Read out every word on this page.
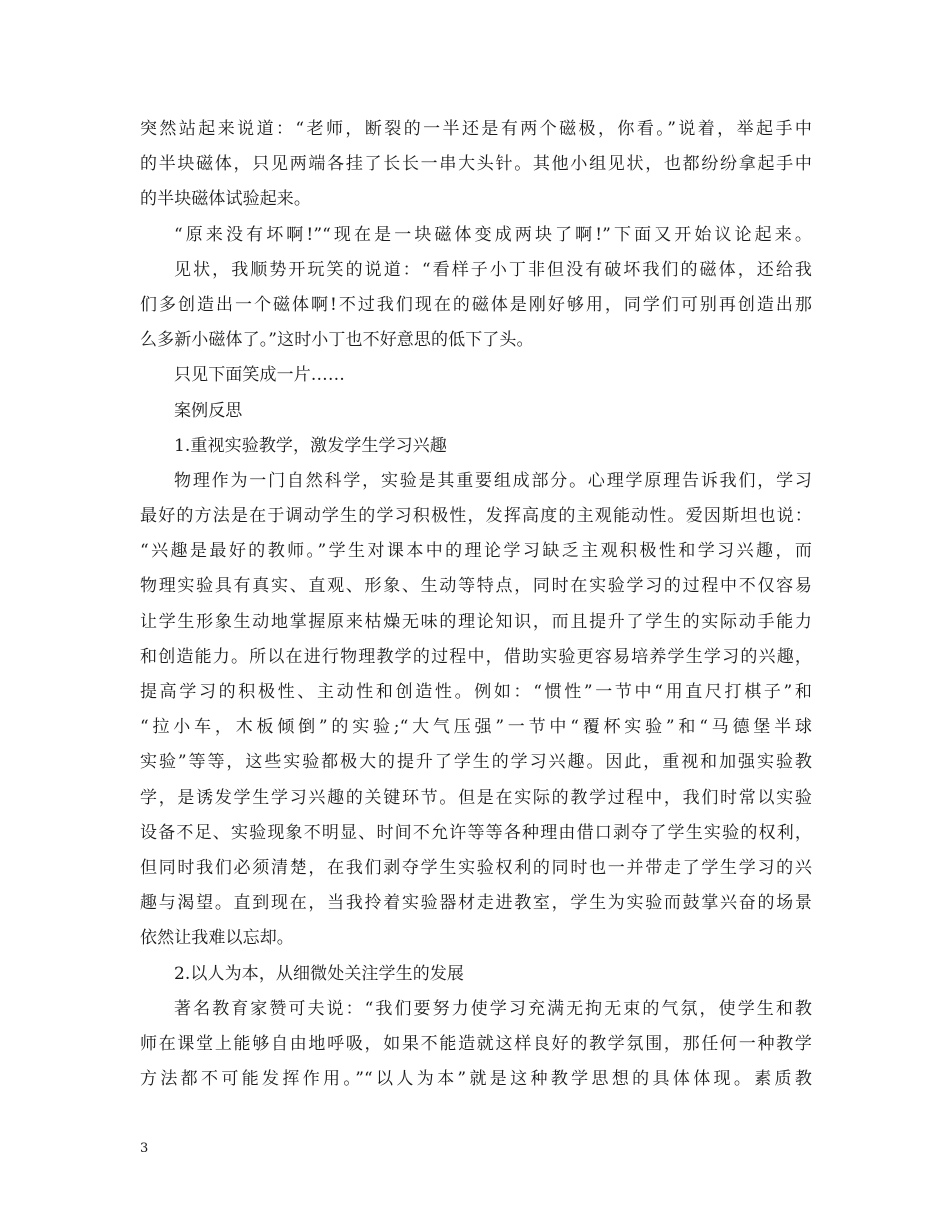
突然站起来说道：“老师，断裂的一半还是有两个磁极，你看。”说着，举起手中
的半块磁体，只见两端各挂了长长一串大头针。其他小组见状，也都纷纷拿起手中
的半块磁体试验起来。
“原来没有坏啊!”“现在是一块磁体变成两块了啊!”下面又开始议论起来。
见状，我顺势开玩笑的说道：“看样子小丁非但没有破坏我们的磁体，还给我
们多创造出一个磁体啊!不过我们现在的磁体是刚好够用，同学们可别再创造出那
么多新小磁体了。”这时小丁也不好意思的低下了头。
只见下面笑成一片……
案例反思
1.重视实验教学，激发学生学习兴趣
物理作为一门自然科学，实验是其重要组成部分。心理学原理告诉我们，学习
最好的方法是在于调动学生的学习积极性，发挥高度的主观能动性。爱因斯坦也说：
“兴趣是最好的教师。”学生对课本中的理论学习缺乏主观积极性和学习兴趣，而
物理实验具有真实、直观、形象、生动等特点，同时在实验学习的过程中不仅容易
让学生形象生动地掌握原来枯燥无味的理论知识，而且提升了学生的实际动手能力
和创造能力。所以在进行物理教学的过程中，借助实验更容易培养学生学习的兴趣，
提高学习的积极性、主动性和创造性。例如：“惯性”一节中“用直尺打棋子”和
“拉小车，木板倾倒”的实验;“大气压强”一节中“覆杯实验”和“马德堡半球
实验”等等，这些实验都极大的提升了学生的学习兴趣。因此，重视和加强实验教
学，是诱发学生学习兴趣的关键环节。但是在实际的教学过程中，我们时常以实验
设备不足、实验现象不明显、时间不允许等等各种理由借口剥夺了学生实验的权利，
但同时我们必须清楚，在我们剥夺学生实验权利的同时也一并带走了学生学习的兴
趣与渴望。直到现在，当我拎着实验器材走进教室，学生为实验而鼓掌兴奋的场景
依然让我难以忘却。
2.以人为本，从细微处关注学生的发展
著名教育家赞可夫说：“我们要努力使学习充满无拘无束的气氛，使学生和教
师在课堂上能够自由地呼吸，如果不能造就这样良好的教学氛围，那任何一种教学
方法都不可能发挥作用。”“以人为本”就是这种教学思想的具体体现。素质教
3
